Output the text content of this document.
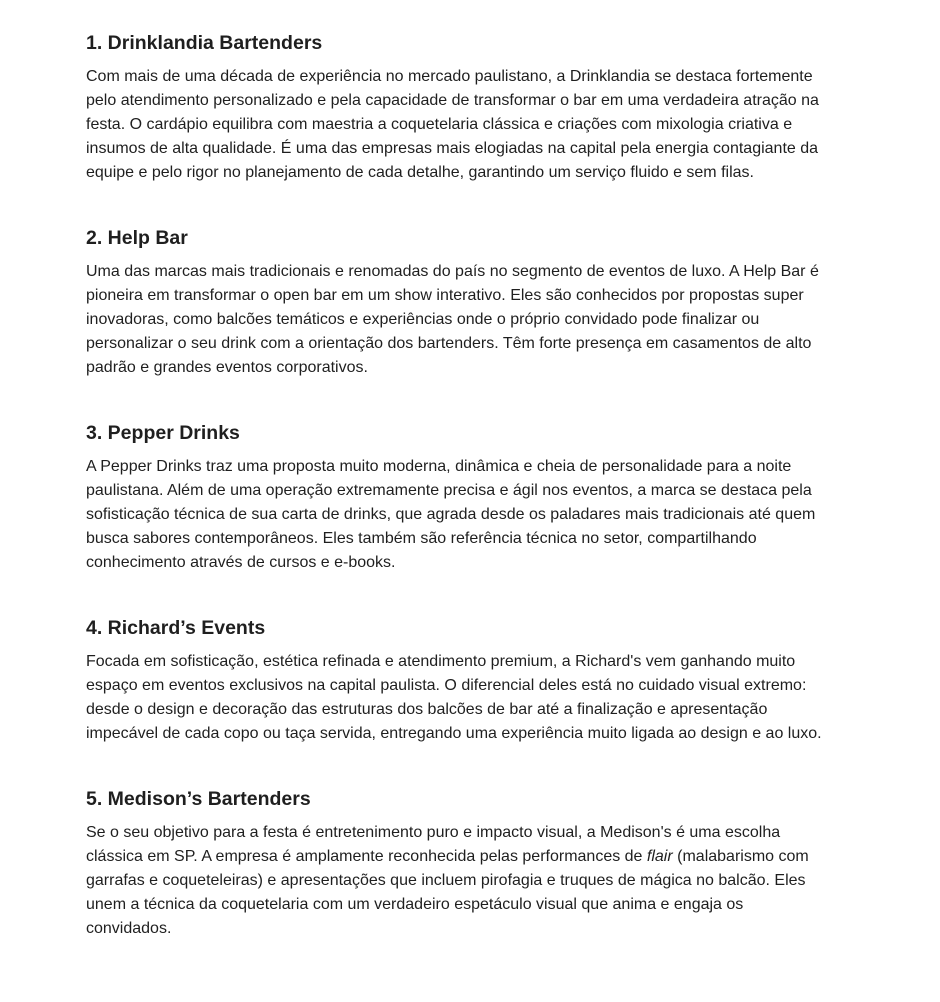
1. Drinklandia Bartenders

Com mais de uma década de experiência no mercado paulistano, a Drinklandia se destaca fortemente pelo atendimento personalizado e pela capacidade de transformar o bar em uma verdadeira atração na festa. O cardápio equilibra com maestria a coquetelaria clássica e criações com mixologia criativa e insumos de alta qualidade. É uma das empresas mais elogiadas na capital pela energia contagiante da equipe e pelo rigor no planejamento de cada detalhe, garantindo um serviço fluido e sem filas.

2. Help Bar

Uma das marcas mais tradicionais e renomadas do país no segmento de eventos de luxo. A Help Bar é pioneira em transformar o open bar em um show interativo. Eles são conhecidos por propostas super inovadoras, como balcões temáticos e experiências onde o próprio convidado pode finalizar ou personalizar o seu drink com a orientação dos bartenders. Têm forte presença em casamentos de alto padrão e grandes eventos corporativos.

3. Pepper Drinks

A Pepper Drinks traz uma proposta muito moderna, dinâmica e cheia de personalidade para a noite paulistana. Além de uma operação extremamente precisa e ágil nos eventos, a marca se destaca pela sofisticação técnica de sua carta de drinks, que agrada desde os paladares mais tradicionais até quem busca sabores contemporâneos. Eles também são referência técnica no setor, compartilhando conhecimento através de cursos e e-books.

4. Richard’s Events

Focada em sofisticação, estética refinada e atendimento premium, a Richard's vem ganhando muito espaço em eventos exclusivos na capital paulista. O diferencial deles está no cuidado visual extremo: desde o design e decoração das estruturas dos balcões de bar até a finalização e apresentação impecável de cada copo ou taça servida, entregando uma experiência muito ligada ao design e ao luxo.

5. Medison’s Bartenders

Se o seu objetivo para a festa é entretenimento puro e impacto visual, a Medison's é uma escolha clássica em SP. A empresa é amplamente reconhecida pelas performances de flair (malabarismo com garrafas e coqueteleiras) e apresentações que incluem pirofagia e truques de mágica no balcão. Eles unem a técnica da coquetelaria com um verdadeiro espetáculo visual que anima e engaja os convidados.
